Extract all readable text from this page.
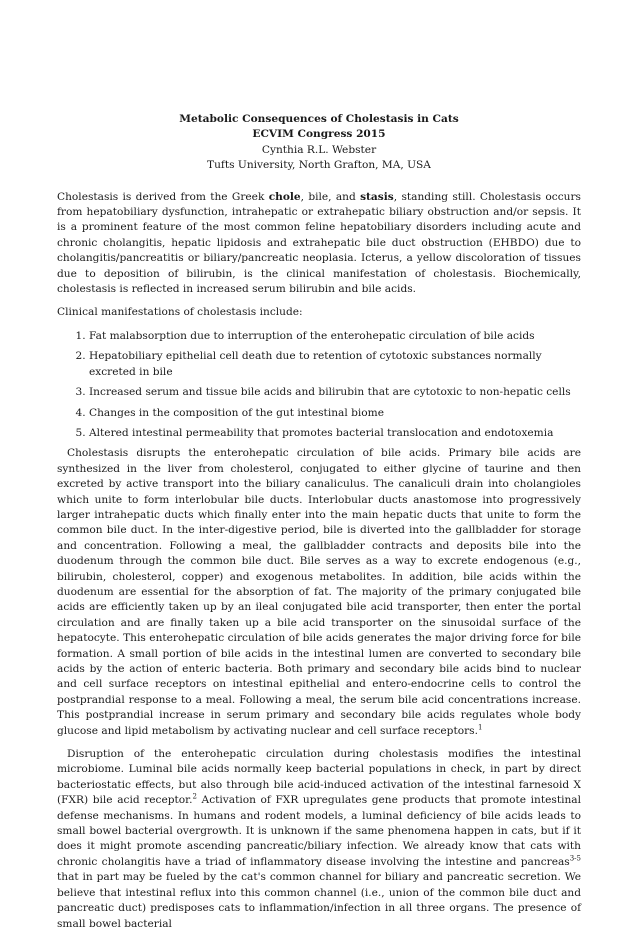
Metabolic Consequences of Cholestasis in Cats
ECVIM Congress 2015
Cynthia R.L. Webster
Tufts University, North Grafton, MA, USA

Cholestasis is derived from the Greek chole, bile, and stasis, standing still. Cholestasis occurs from hepatobiliary dysfunction, intrahepatic or extrahepatic biliary obstruction and/or sepsis. It is a prominent feature of the most common feline hepatobiliary disorders including acute and chronic cholangitis, hepatic lipidosis and extrahepatic bile duct obstruction (EHBDO) due to cholangitis/pancreatitis or biliary/pancreatic neoplasia. Icterus, a yellow discoloration of tissues due to deposition of bilirubin, is the clinical manifestation of cholestasis. Biochemically, cholestasis is reflected in increased serum bilirubin and bile acids.

Clinical manifestations of cholestasis include:

1. Fat malabsorption due to interruption of the enterohepatic circulation of bile acids
2. Hepatobiliary epithelial cell death due to retention of cytotoxic substances normally excreted in bile
3. Increased serum and tissue bile acids and bilirubin that are cytotoxic to non-hepatic cells
4. Changes in the composition of the gut intestinal biome
5. Altered intestinal permeability that promotes bacterial translocation and endotoxemia

Cholestasis disrupts the enterohepatic circulation of bile acids. Primary bile acids are synthesized in the liver from cholesterol, conjugated to either glycine of taurine and then excreted by active transport into the biliary canaliculus. The canaliculi drain into cholangioles which unite to form interlobular bile ducts. Interlobular ducts anastomose into progressively larger intrahepatic ducts which finally enter into the main hepatic ducts that unite to form the common bile duct. In the inter-digestive period, bile is diverted into the gallbladder for storage and concentration. Following a meal, the gallbladder contracts and deposits bile into the duodenum through the common bile duct. Bile serves as a way to excrete endogenous (e.g., bilirubin, cholesterol, copper) and exogenous metabolites. In addition, bile acids within the duodenum are essential for the absorption of fat. The majority of the primary conjugated bile acids are efficiently taken up by an ileal conjugated bile acid transporter, then enter the portal circulation and are finally taken up a bile acid transporter on the sinusoidal surface of the hepatocyte. This enterohepatic circulation of bile acids generates the major driving force for bile formation. A small portion of bile acids in the intestinal lumen are converted to secondary bile acids by the action of enteric bacteria. Both primary and secondary bile acids bind to nuclear and cell surface receptors on intestinal epithelial and entero-endocrine cells to control the postprandial response to a meal. Following a meal, the serum bile acid concentrations increase. This postprandial increase in serum primary and secondary bile acids regulates whole body glucose and lipid metabolism by activating nuclear and cell surface receptors.$^1$

Disruption of the enterohepatic circulation during cholestasis modifies the intestinal microbiome. Luminal bile acids normally keep bacterial populations in check, in part by direct bacteriostatic effects, but also through bile acid-induced activation of the intestinal farnesoid X (FXR) bile acid receptor.$^2$ Activation of FXR upregulates gene products that promote intestinal defense mechanisms. In humans and rodent models, a luminal deficiency of bile acids leads to small bowel bacterial overgrowth. It is unknown if the same phenomena happen in cats, but if it does it might promote ascending pancreatic/biliary infection. We already know that cats with chronic cholangitis have a triad of inflammatory disease involving the intestine and pancreas$^{3-5}$ that in part may be fueled by the cat's common channel for biliary and pancreatic secretion. We believe that intestinal reflux into this common channel (i.e., union of the common bile duct and pancreatic duct) predisposes cats to inflammation/infection in all three organs. The presence of small bowel bacterial
